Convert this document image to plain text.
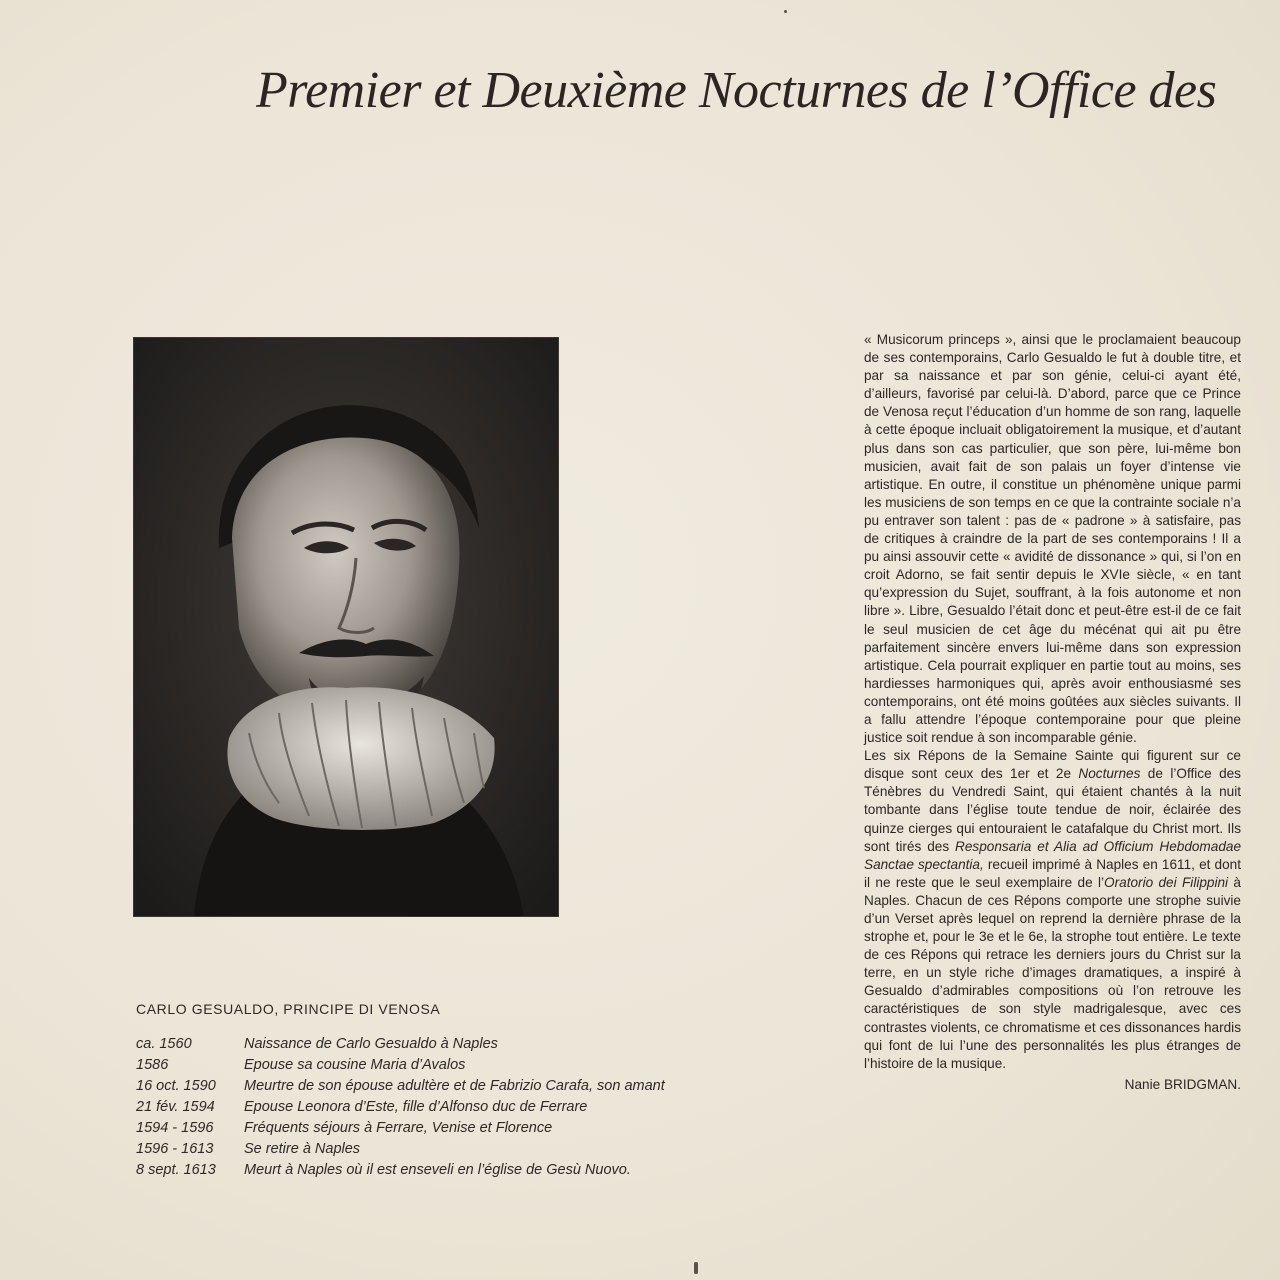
Premier et Deuxième Nocturnes de l’Office des
CARLO GESUALDO, PRINCIPE DI VENOSA
ca. 1560	Naissance de Carlo Gesualdo à Naples
1586	Epouse sa cousine Maria d’Avalos
16 oct. 1590	Meurtre de son épouse adultère et de Fabrizio Carafa, son amant
21 fév. 1594	Epouse Leonora d’Este, fille d’Alfonso duc de Ferrare
1594 - 1596	Fréquents séjours à Ferrare, Venise et Florence
1596 - 1613	Se retire à Naples
8 sept. 1613	Meurt à Naples où il est enseveli en l’église de Gesù Nuovo.

« Musicorum princeps », ainsi que le proclamaient beaucoup de ses contemporains, Carlo Gesualdo le fut à double titre, et par sa naissance et par son génie, celui-ci ayant été, d’ailleurs, favorisé par celui-là. D’abord, parce que ce Prince de Venosa reçut l’éducation d’un homme de son rang, laquelle à cette époque incluait obligatoirement la musique, et d’autant plus dans son cas particulier, que son père, lui-même bon musicien, avait fait de son palais un foyer d’intense vie artistique. En outre, il constitue un phénomène unique parmi les musiciens de son temps en ce que la contrainte sociale n’a pu entraver son talent : pas de « padrone » à satisfaire, pas de critiques à craindre de la part de ses contemporains ! Il a pu ainsi assouvir cette « avidité de dissonance » qui, si l’on en croit Adorno, se fait sentir depuis le XVIe siècle, « en tant qu’expression du Sujet, souffrant, à la fois autonome et non libre ». Libre, Gesualdo l’était donc et peut-être est-il de ce fait le seul musicien de cet âge du mécénat qui ait pu être parfaitement sincère envers lui-même dans son expression artistique. Cela pourrait expliquer en partie tout au moins, ses hardiesses harmoniques qui, après avoir enthousiasmé ses contemporains, ont été moins goûtées aux siècles suivants. Il a fallu attendre l’époque contemporaine pour que pleine justice soit rendue à son incomparable génie.

Les six Répons de la Semaine Sainte qui figurent sur ce disque sont ceux des 1er et 2e Nocturnes de l’Office des Ténèbres du Vendredi Saint, qui étaient chantés à la nuit tombante dans l’église toute tendue de noir, éclairée des quinze cierges qui entouraient le catafalque du Christ mort. Ils sont tirés des Responsaria et Alia ad Officium Hebdomadae Sanctae spectantia, recueil imprimé à Naples en 1611, et dont il ne reste que le seul exemplaire de l’Oratorio dei Filippini à Naples. Chacun de ces Répons comporte une strophe suivie d’un Verset après lequel on reprend la dernière phrase de la strophe et, pour le 3e et le 6e, la strophe tout entière. Le texte de ces Répons qui retrace les derniers jours du Christ sur la terre, en un style riche d’images dramatiques, a inspiré à Gesualdo d’admirables compositions où l’on retrouve les caractéristiques de son style madrigalesque, avec ces contrastes violents, ce chromatisme et ces dissonances hardis qui font de lui l’une des personnalités les plus étranges de l’histoire de la musique.

Nanie BRIDGMAN.
